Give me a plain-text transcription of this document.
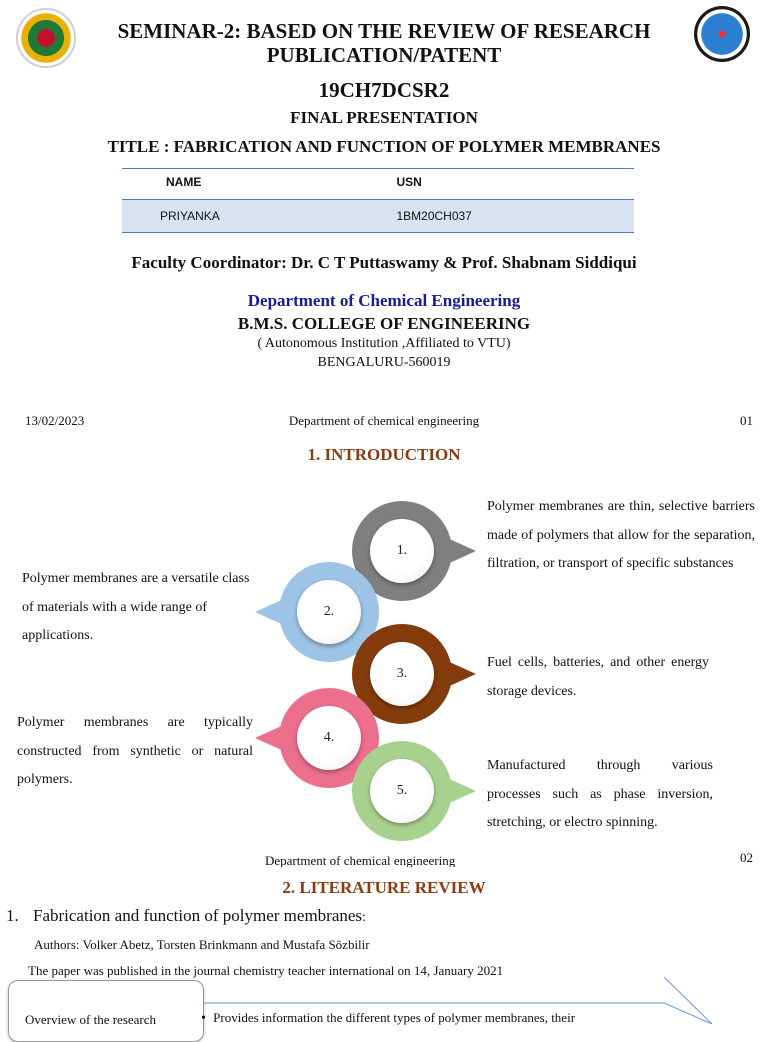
SEMINAR-2: BASED ON THE REVIEW OF RESEARCH
PUBLICATION/PATENT
19CH7DCSR2
FINAL PRESENTATION
TITLE : FABRICATION AND FUNCTION OF POLYMER MEMBRANES
NAME	USN
PRIYANKA	1BM20CH037
Faculty Coordinator: Dr. C T Puttaswamy & Prof. Shabnam Siddiqui
Department of Chemical Engineering
B.M.S. COLLEGE OF ENGINEERING
( Autonomous Institution ,Affiliated to VTU)
BENGALURU-560019
13/02/2023	Department of chemical engineering	01
1. INTRODUCTION
1.
2.
3.
4.
5.
Polymer membranes are thin, selective barriers made of polymers that allow for the separation, filtration, or transport of specific substances
Polymer membranes are a versatile class of materials with a wide range of applications.
Fuel cells, batteries, and other energy storage devices.
Polymer membranes are typically constructed from synthetic or natural polymers.
Manufactured through various processes such as phase inversion, stretching, or electro spinning.
Department of chemical engineering	02
2. LITERATURE REVIEW
1. Fabrication and function of polymer membranes:
Authors: Volker Abetz, Torsten Brinkmann and Mustafa Sözbilir
The paper was published in the journal chemistry teacher international on 14, January 2021
Overview of the research	• Provides information the different types of polymer membranes, their
